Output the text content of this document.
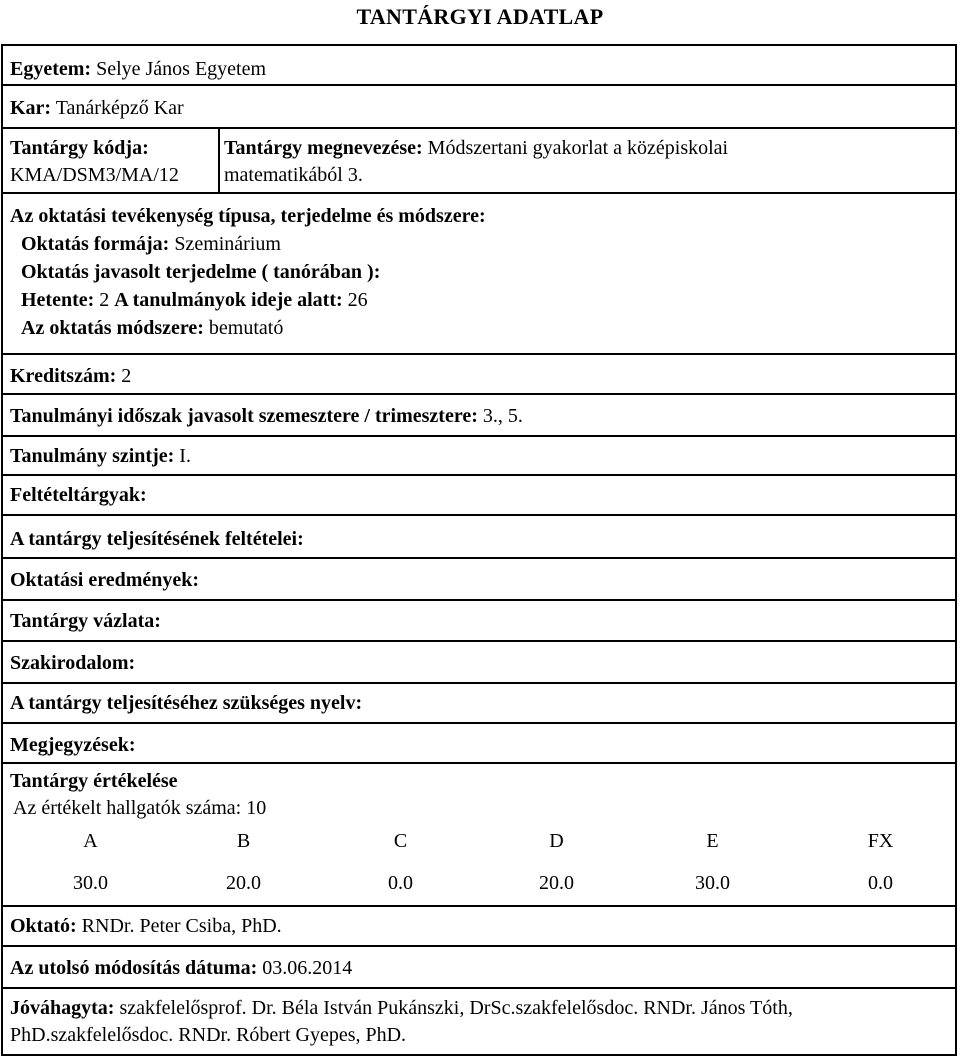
TANTÁRGYI ADATLAP
Egyetem: Selye János Egyetem
Kar: Tanárképző Kar
Tantárgy kódja:
KMA/DSM3/MA/12
Tantárgy megnevezése: Módszertani gyakorlat a középiskolai
matematikából 3.
Az oktatási tevékenység típusa, terjedelme és módszere:
Oktatás formája: Szeminárium
Oktatás javasolt terjedelme ( tanórában ):
Hetente: 2 A tanulmányok ideje alatt: 26
Az oktatás módszere: bemutató
Kreditszám: 2
Tanulmányi időszak javasolt szemesztere / trimesztere: 3., 5.
Tanulmány szintje: I.
Feltételtárgyak:
A tantárgy teljesítésének feltételei:
Oktatási eredmények:
Tantárgy vázlata:
Szakirodalom:
A tantárgy teljesítéséhez szükséges nyelv:
Megjegyzések:
Tantárgy értékelése
Az értékelt hallgatók száma: 10
A	B	C	D	E	FX
30.0	20.0	0.0	20.0	30.0	0.0
Oktató: RNDr. Peter Csiba, PhD.
Az utolsó módosítás dátuma: 03.06.2014
Jóváhagyta: szakfelelősprof. Dr. Béla István Pukánszki, DrSc.szakfelelősdoc. RNDr. János Tóth,
PhD.szakfelelősdoc. RNDr. Róbert Gyepes, PhD.
